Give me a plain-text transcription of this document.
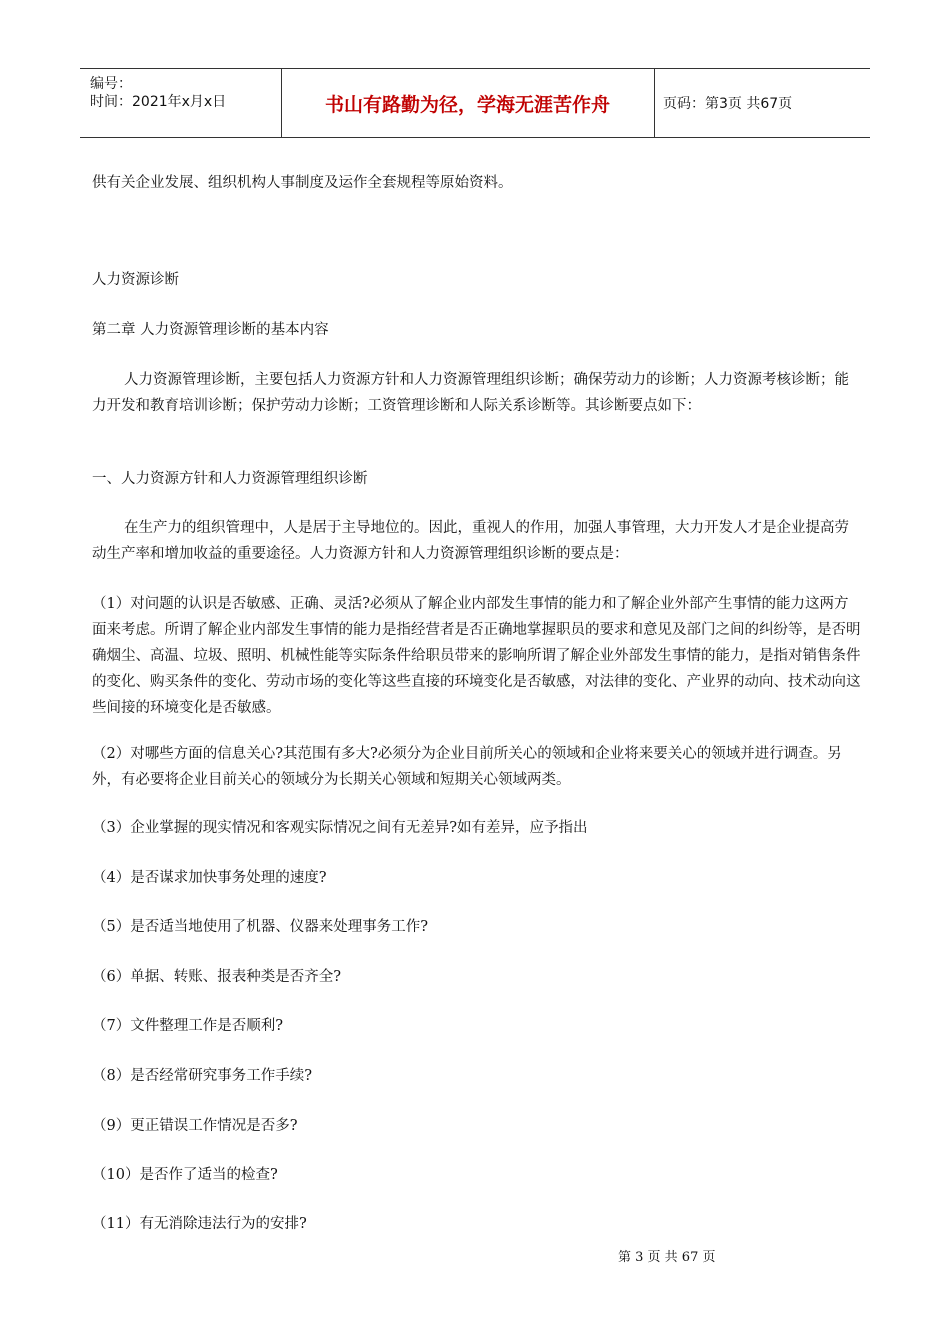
编号：
时间：2021年x月x日	书山有路勤为径，学海无涯苦作舟	页码：第3页 共67页

供有关企业发展、组织机构人事制度及运作全套规程等原始资料。

人力资源诊断

第二章 人力资源管理诊断的基本内容

人力资源管理诊断，主要包括人力资源方针和人力资源管理组织诊断；确保劳动力的诊断；人力资源考核诊断；能力开发和教育培训诊断；保护劳动力诊断；工资管理诊断和人际关系诊断等。其诊断要点如下：

一、人力资源方针和人力资源管理组织诊断

在生产力的组织管理中，人是居于主导地位的。因此，重视人的作用，加强人事管理，大力开发人才是企业提高劳动生产率和增加收益的重要途径。人力资源方针和人力资源管理组织诊断的要点是：

（1）对问题的认识是否敏感、正确、灵活?必须从了解企业内部发生事情的能力和了解企业外部产生事情的能力这两方面来考虑。所谓了解企业内部发生事情的能力是指经营者是否正确地掌握职员的要求和意见及部门之间的纠纷等，是否明确烟尘、高温、垃圾、照明、机械性能等实际条件给职员带来的影响所谓了解企业外部发生事情的能力，是指对销售条件的变化、购买条件的变化、劳动市场的变化等这些直接的环境变化是否敏感，对法律的变化、产业界的动向、技术动向这些间接的环境变化是否敏感。

（2）对哪些方面的信息关心?其范围有多大?必须分为企业目前所关心的领域和企业将来要关心的领域并进行调查。另外，有必要将企业目前关心的领域分为长期关心领域和短期关心领域两类。

（3）企业掌握的现实情况和客观实际情况之间有无差异?如有差异，应予指出

（4）是否谋求加快事务处理的速度?

（5）是否适当地使用了机器、仪器来处理事务工作?

（6）单据、转账、报表种类是否齐全?

（7）文件整理工作是否顺利?

（8）是否经常研究事务工作手续?

（9）更正错误工作情况是否多?

（10）是否作了适当的检查?

（11）有无消除违法行为的安排?

第 3 页 共 67 页
